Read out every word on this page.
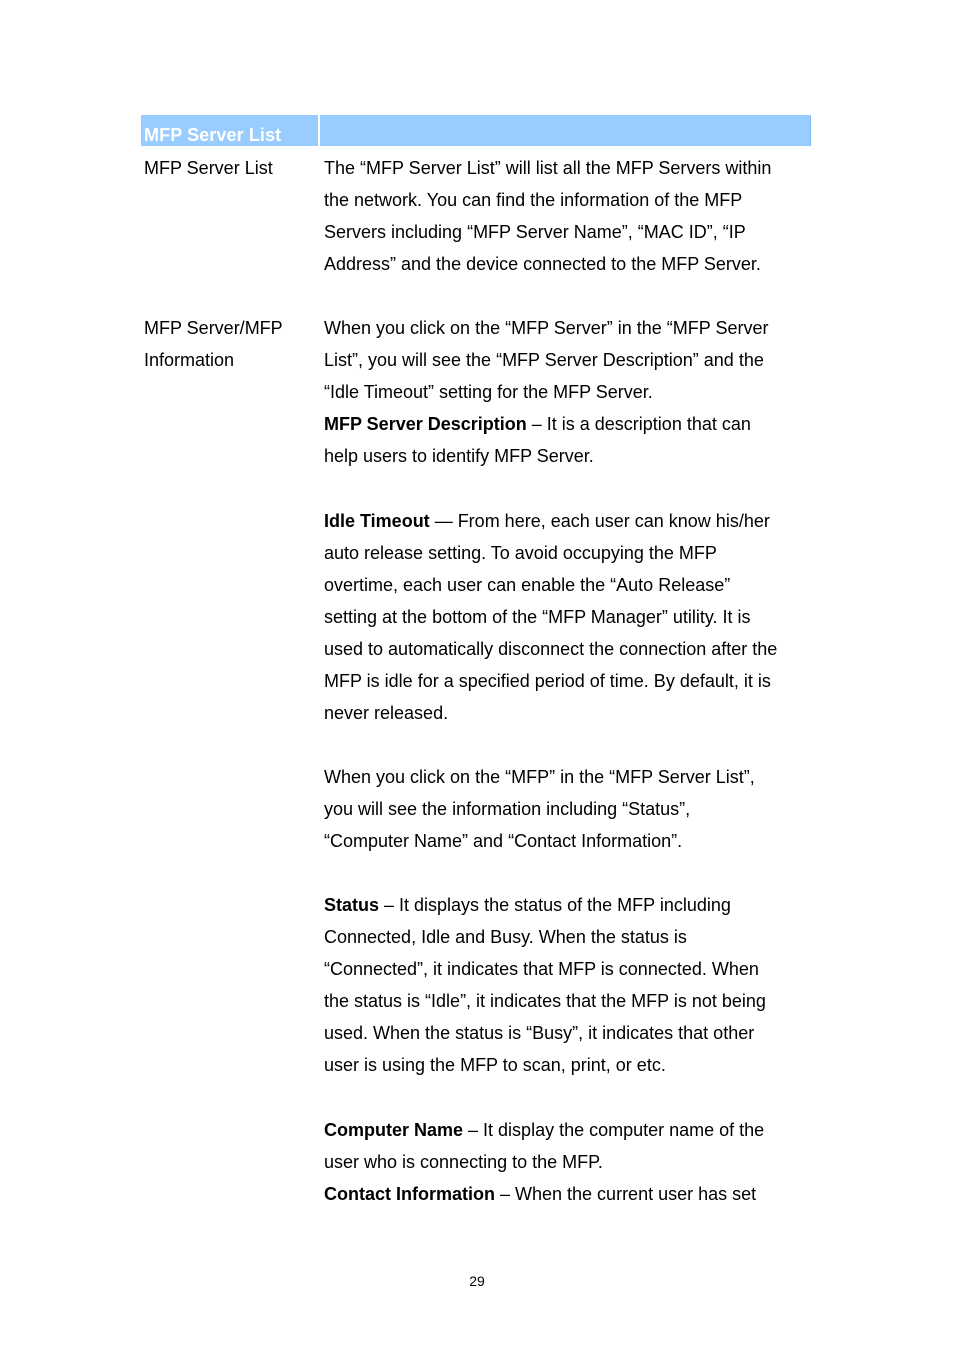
MFP Server List
MFP Server List	The “MFP Server List” will list all the MFP Servers within
the network. You can find the information of the MFP
Servers including “MFP Server Name”, “MAC ID”, “IP
Address” and the device connected to the MFP Server.
MFP Server/MFP
Information
When you click on the “MFP Server” in the “MFP Server
List”, you will see the “MFP Server Description” and the
“Idle Timeout” setting for the MFP Server.
MFP Server Description – It is a description that can
help users to identify MFP Server.
Idle Timeout — From here, each user can know his/her
auto release setting. To avoid occupying the MFP
overtime, each user can enable the “Auto Release”
setting at the bottom of the “MFP Manager” utility. It is
used to automatically disconnect the connection after the
MFP is idle for a specified period of time. By default, it is
never released.
When you click on the “MFP” in the “MFP Server List”,
you will see the information including “Status”,
“Computer Name” and “Contact Information”.
Status – It displays the status of the MFP including
Connected, Idle and Busy. When the status is
“Connected”, it indicates that MFP is connected. When
the status is “Idle”, it indicates that the MFP is not being
used. When the status is “Busy”, it indicates that other
user is using the MFP to scan, print, or etc.
Computer Name – It display the computer name of the
user who is connecting to the MFP.
Contact Information – When the current user has set
29
